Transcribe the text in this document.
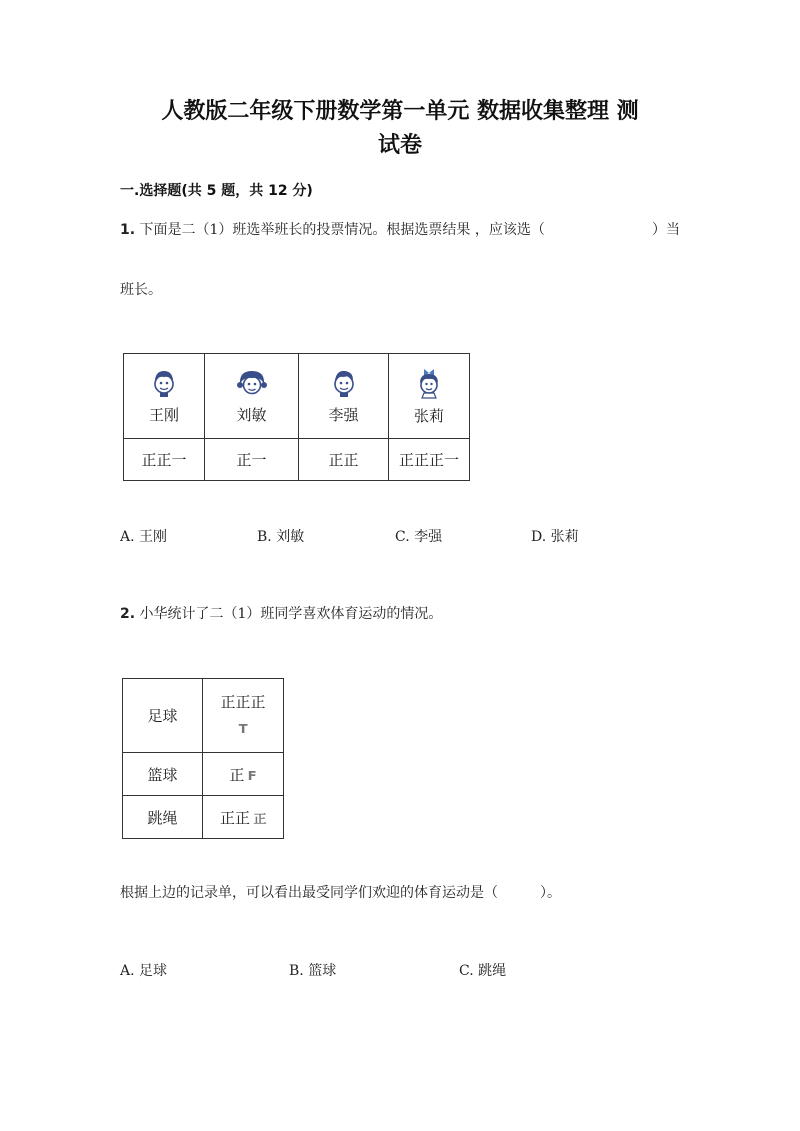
人教版二年级下册数学第一单元 数据收集整理 测
试卷
一.选择题(共 5 题，共 12 分)
1. 下面是二（1）班选举班长的投票情况。根据选票结果 ，应该选（	）当
班长。
王刚	刘敏	李强	张莉

正正一	正一	正正	正正正一
A. 王刚	B. 刘敏	C. 李强	D. 张莉
2. 小华统计了二（1）班同学喜欢体育运动的情况。
足球	正正正
T
篮球	正 F
跳绳	正正 正
根据上边的记录单，可以看出最受同学们欢迎的体育运动是（　　　）。
A. 足球	B. 篮球	C. 跳绳
